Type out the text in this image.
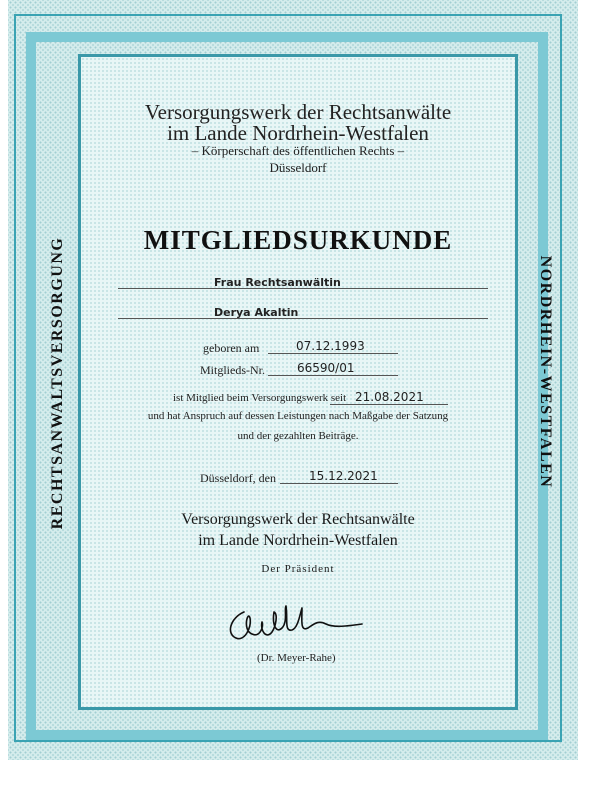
RECHTSANWALTSVERSORGUNG	NORDRHEIN-WESTFALEN
Versorgungswerk der Rechtsanwälte
im Lande Nordrhein-Westfalen
– Körperschaft des öffentlichen Rechts –
Düsseldorf
MITGLIEDSURKUNDE
Frau Rechtsanwältin
Derya Akaltin
geboren am	07.12.1993
Mitglieds-Nr.	66590/01
ist Mitglied beim Versorgungswerk seit 21.08.2021
und hat Anspruch auf dessen Leistungen nach Maßgabe der Satzung
und der gezahlten Beiträge.
Düsseldorf, den	15.12.2021
Versorgungswerk der Rechtsanwälte
im Lande Nordrhein-Westfalen
Der Präsident
(Dr. Meyer-Rahe)
